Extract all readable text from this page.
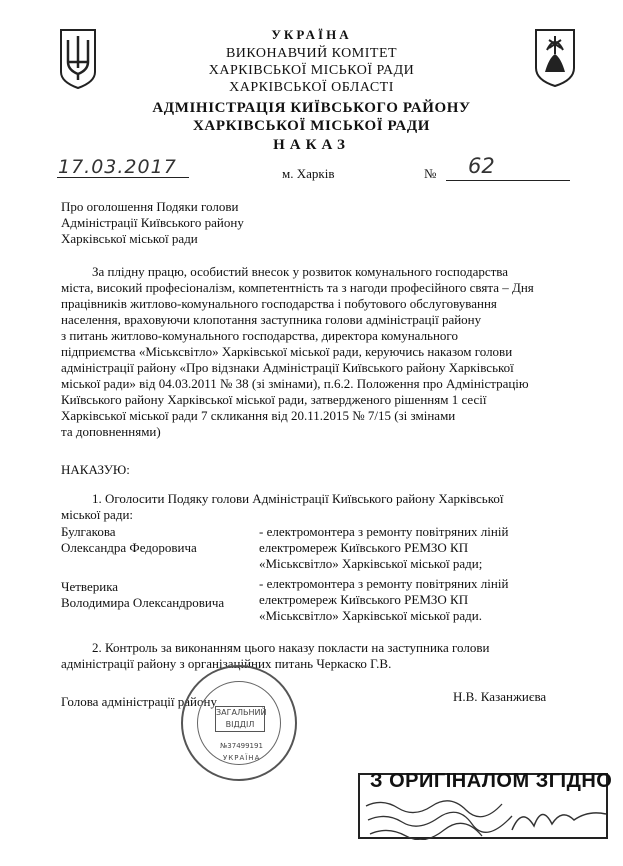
УКРАЇНА
ВИКОНАВЧИЙ КОМІТЕТ
ХАРКІВСЬКОЇ МІСЬКОЇ РАДИ
ХАРКІВСЬКОЇ ОБЛАСТІ
АДМІНІСТРАЦІЯ КИЇВСЬКОГО РАЙОНУ
ХАРКІВСЬКОЇ МІСЬКОЇ РАДИ
НАКАЗ
17.03.2017	м. Харків	№ 62
Про оголошення Подяки голови
Адміністрації Київського району
Харківської міської ради
За плідну працю, особистий внесок у розвиток комунального господарства
міста, високий професіоналізм, компетентність та з нагоди професійного свята – Дня
працівників житлово-комунального господарства і побутового обслуговування
населення, враховуючи клопотання заступника голови адміністрації району
з питань житлово-комунального господарства, директора комунального
підприємства «Міськсвітло» Харківської міської ради, керуючись наказом голови
адміністрації району «Про відзнаки Адміністрації Київського району Харківської
міської ради» від 04.03.2011 № 38 (зі змінами), п.6.2. Положення про Адміністрацію
Київського району Харківської міської ради, затвердженого рішенням 1 сесії
Харківської міської ради 7 скликання від 20.11.2015 № 7/15 (зі змінами
та доповненнями)
НАКАЗУЮ:
1. Оголосити Подяку голови Адміністрації Київського району Харківської
міської ради:
Булгакова
Олександра Федоровича
- електромонтера з ремонту повітряних ліній
електромереж Київського РЕМЗО КП
«Міськсвітло» Харківської міської ради;
Четверика
Володимира Олександровича
- електромонтера з ремонту повітряних ліній
електромереж Київського РЕМЗО КП
«Міськсвітло» Харківської міської ради.
2. Контроль за виконанням цього наказу покласти на заступника голови
адміністрації району з організаційних питань Черкаско Г.В.
Голова адміністрації району	Н.В. Казанжиєва
ЗАГАЛЬНИЙ
ВІДДІЛ
№37499191
УКРАЇНА
З ОРИГІНАЛОМ ЗГІДНО
